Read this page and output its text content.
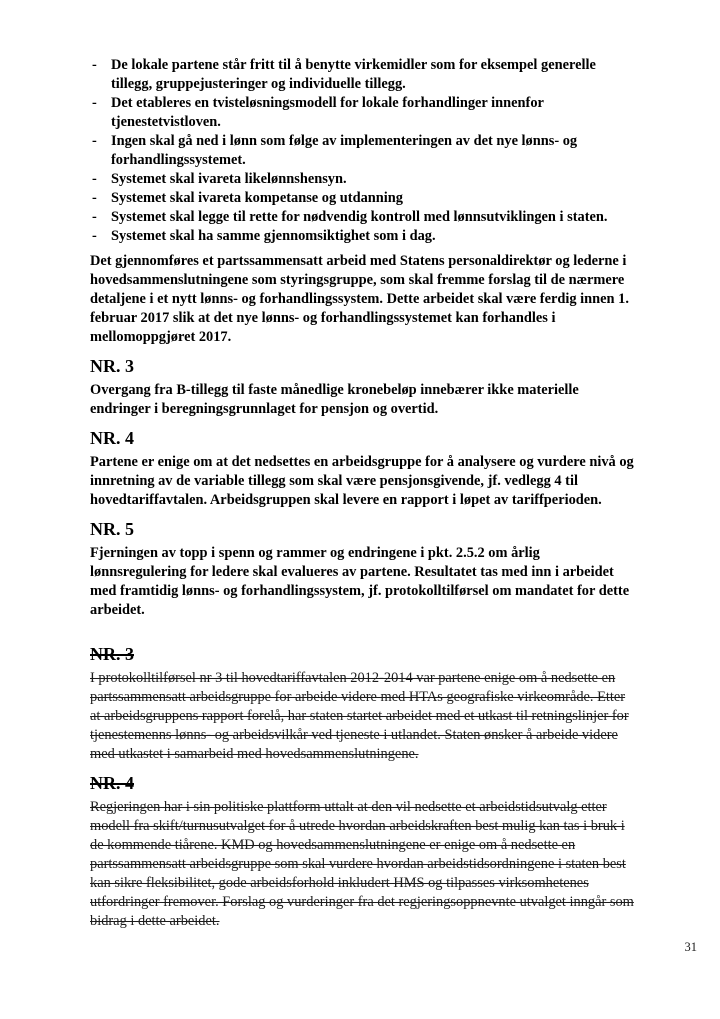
- De lokale partene står fritt til å benytte virkemidler som for eksempel generelle tillegg, gruppejusteringer og individuelle tillegg.
- Det etableres en tvisteløsningsmodell for lokale forhandlinger innenfor tjenestetvistloven.
- Ingen skal gå ned i lønn som følge av implementeringen av det nye lønns- og forhandlingssystemet.
- Systemet skal ivareta likelønnshensyn.
- Systemet skal ivareta kompetanse og utdanning
- Systemet skal legge til rette for nødvendig kontroll med lønnsutviklingen i staten.
- Systemet skal ha samme gjennomsiktighet som i dag.

Det gjennomføres et partssammensatt arbeid med Statens personaldirektør og lederne i hovedsammenslutningene som styringsgruppe, som skal fremme forslag til de nærmere detaljene i et nytt lønns- og forhandlingssystem. Dette arbeidet skal være ferdig innen 1. februar 2017 slik at det nye lønns- og forhandlingssystemet kan forhandles i mellomoppgjøret 2017.

NR. 3

Overgang fra B-tillegg til faste månedlige kronebeløp innebærer ikke materielle endringer i beregningsgrunnlaget for pensjon og overtid.

NR. 4

Partene er enige om at det nedsettes en arbeidsgruppe for å analysere og vurdere nivå og innretning av de variable tillegg som skal være pensjonsgivende, jf. vedlegg 4 til hovedtariffavtalen. Arbeidsgruppen skal levere en rapport i løpet av tariffperioden.

NR. 5

Fjerningen av topp i spenn og rammer og endringene i pkt. 2.5.2 om årlig lønnsregulering for ledere skal evalueres av partene. Resultatet tas med inn i arbeidet med framtidig lønns- og forhandlingssystem, jf. protokolltilførsel om mandatet for dette arbeidet.

NR. 3

I protokolltilførsel nr 3 til hovedtariffavtalen 2012-2014 var partene enige om å nedsette en partssammensatt arbeidsgruppe for arbeide videre med HTAs geografiske virkeområde. Etter at arbeidsgruppens rapport forelå, har staten startet arbeidet med et utkast til retningslinjer for tjenestemenns lønns- og arbeidsvilkår ved tjeneste i utlandet. Staten ønsker å arbeide videre med utkastet i samarbeid med hovedsammenslutningene.

NR. 4

Regjeringen har i sin politiske plattform uttalt at den vil nedsette et arbeidstidsutvalg etter modell fra skift/turnusutvalget for å utrede hvordan arbeidskraften best mulig kan tas i bruk i de kommende tiårene. KMD og hovedsammenslutningene er enige om å nedsette en partssammensatt arbeidsgruppe som skal vurdere hvordan arbeidstidsordningene i staten best kan sikre fleksibilitet, gode arbeidsforhold inkludert HMS og tilpasses virksomhetenes utfordringer fremover. Forslag og vurderinger fra det regjeringsoppnevnte utvalget inngår som bidrag i dette arbeidet.

31
